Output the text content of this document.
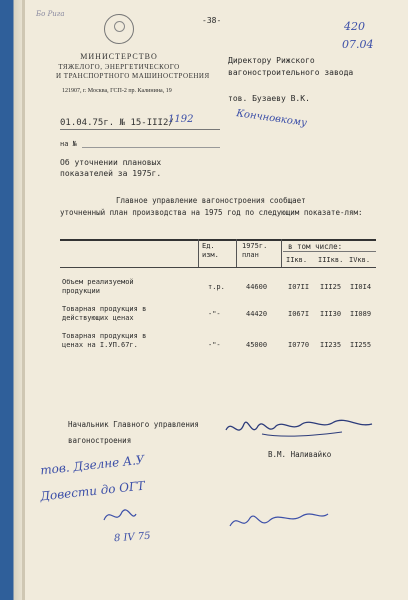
Бо Рига
-38-	420
07.04
МИНИСТЕРСТВО
ТЯЖЕЛОГО, ЭНЕРГЕТИЧЕСКОГО
И ТРАНСПОРТНОГО МАШИНОСТРОЕНИЯ
121907, г. Москва, ГСП-2 пр. Калинина, 19
Директору Рижского
вагоностроительного завода
тов. Бузаеву В.К.
01.04.75г. № 15-III2/
1192
на №
Кончновкому
Об уточнении плановых
показателей за 1975г.
Главное управление вагоностроения сообщает
уточненный план производства на 1975 год по следующим показате-лям:
Ед.
изм.
1975г.
план
в том числе:
IIкв. IIIкв. IVкв.
Объем реализуемой
продукции	т.р.	44600	I07II III25 II0I4
Товарная продукция в
действующих ценах	-"-	44420	I067I III30 II089
Товарная продукция в
ценах на I.УП.67г.	-"-	45000	I0770 II235 II255
Начальник Главного управления
вагоностроения
В.М. Наливайко
тов. Дзелне А.У
Довести до ОГТ
8 IV 75
